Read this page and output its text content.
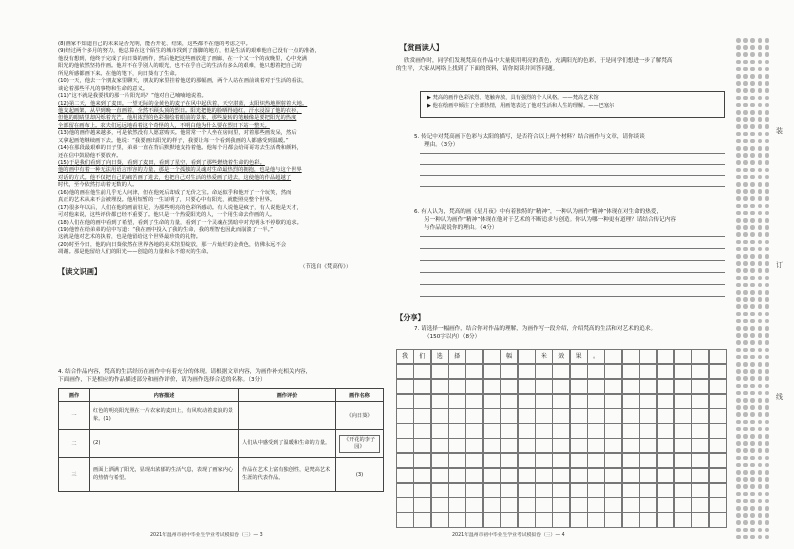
(8)画家不知道自己的未来是否光明，能否开花、结果，这些都不在他的考虑之中。
(9)经过两个多月的努力，他总算在这个陌生的城市找到了落脚的地方，但是生活的艰难他自己没有一点的准备，
他没有想到，他终于完成了向日葵的画作，然后他把这些画放进了画廊，在一个又一个的夜晚里，心中充满
阳光的他依然坚持作画。他并不在乎别人的眼光，也不在乎自己的生活有多么的艰难，他只想着把自己的
所见所感都画下来。在他的笔下，向日葵有了生命。
(10)一天，他去一个朋友家里聊天，朋友的家里挂着他送的那幅画，两个人站在画前谈着对于生活的看法，
谈论着那些平凡的事物和生命的意义。
(11)“这不就是我要找的那一片阳光吗？”他对自己喃喃地说着。
(12)第二天，他来到了麦田。一望无际的金黄色的麦子在风中起伏着，天空湛蓝，太阳炽热地照射着大地。
他支起画架，从早到晚一直画着，全然不顾头顶的烈日。阳光把他的脸晒得通红，汗水浸湿了他的衣衫，
但他的眼睛里却闪烁着光芒。他用浓烈的色彩描绘着眼前的景象，那些旋转的笔触像是要把阳光的热度
全部留在画布上。农夫们远远地看着这个奇怪的人，不明白他为什么要在烈日下站一整天。
(13)他的画作越来越多，可是依然没有人愿意购买。他常常一个人坐在房间里，对着那些画发呆，然后
又拿起画笔继续画下去。他说：“我要画出阳光的样子，我要让每一个看到我画的人都感受到温暖。”
(14)在那段最艰难的日子里，弟弟一直在背后默默地支持着他。他每个月都会给哥哥寄去生活费和颜料，
还在信中鼓励他不要放弃。
(15)于是我们看到了向日葵，看到了麦田，看到了星空，看到了那些燃烧着生命的色彩。
他的画中有着一种无法用语言形容的力量，那是一个孤独的灵魂对生命最热烈的拥抱，也是他与这个世界
对话的方式。他不仅把自己的痛苦画了进去，也把自己对生活的热爱画了进去，这使他的作品超越了
时代，至今依然打动着无数的人。
(16)他的画在他生前几乎无人问津，但在他死后却成了无价之宝。命运似乎和他开了一个玩笑，然而
真正的艺术从来不会被埋没。他用短暂的一生证明了，只要心中有阳光，就能照亮整个世界。
(17)很多年以后，人们在他的画前驻足，为那些明亮的色彩所感动。有人说他是疯子，有人说他是天才，
可对他来说，这些评价都已经不重要了。他只是一个热爱阳光的人，一个用生命去作画的人。
(18)人们在他的画中看到了希望，看到了生命的力量，看到了一个灵魂在黑暗中对光明永不停歇的追求。
(19)他曾在给弟弟的信中写道：“我在画中投入了我的生命，我的理智也因此而崩溃了一半。”
这就是他对艺术的执着，也是他留给这个世界最珍贵的礼物。
(20)时至今日，他的向日葵依然在世界各地的美术馆里绽放，那一片灿烂的金黄色，仿佛永远不会
凋谢。那是他留给人们的阳光——创造的力量和永不熄灭的生命。
（节选自《梵高传》）
【读文识画】
4. 结合作品内容，梵高的生活经历在画作中有着充分的体现。请根据文章内容，为画作补充相关内容，
下面画作，下是相应的作品描述部分和画作评价，请为画作选择合适的名称。（3分）
画作	内容描述	画作评价	画作名称
一	红色的明亮阳光照在一片农家的麦田上，有风吹动着麦浪的景象。(1)		《向日葵》
二	(2)	人们从中感受到了温暖和生命的力量。	《开花的李子园》
三	画面上洒满了阳光，显现出浓郁的生活气息，表现了画家内心的热情与希望。	作品在艺术上富有独创性，是梵高艺术生涯的代表作品。	(3)
2021年温州市初中毕业生学业考试模拟卷（三）— 3
【赏画读人】
欣赏画作时，同学们发现梵高在作品中大量使用明亮的黄色，充满阳光的色彩，于是同学们想进一步了解梵高
的生平，大家从网络上找到了下面的资料，请你阅读并回答问题。
5. 传记中对梵高画下色彩与太阳的描写，是否符合以上两个材料？结合画作与文章，请你谈谈
理由。（3分）
6. 有人认为，梵高的画《星月夜》中有着独特的“精神”，一种认为画作“精神”体现在对生命的热爱，
另一种认为画作“精神”体现在他对于艺术的不断追求与创造。你认为哪一种更有道理？请结合传记内容
与作品说说你的理由。（4分）
【分享】
7. 请选择一幅画作，结合你对作品的理解，为画作写一段介绍，介绍梵高的生活和对艺术的追求。
（150字以内）（8分）
2021年温州市初中毕业生学业考试模拟卷（三）— 4
▶ 梵高的画作色彩浓烈、笔触奔放，具有强烈的个人风格。——梵高艺术馆
▶ 他在绘画中倾注了全部热情，用画笔表达了他对生活和人生的理解。——巴塞尔
我	们	选	择	幅	米	效	果	。
装
订
线
